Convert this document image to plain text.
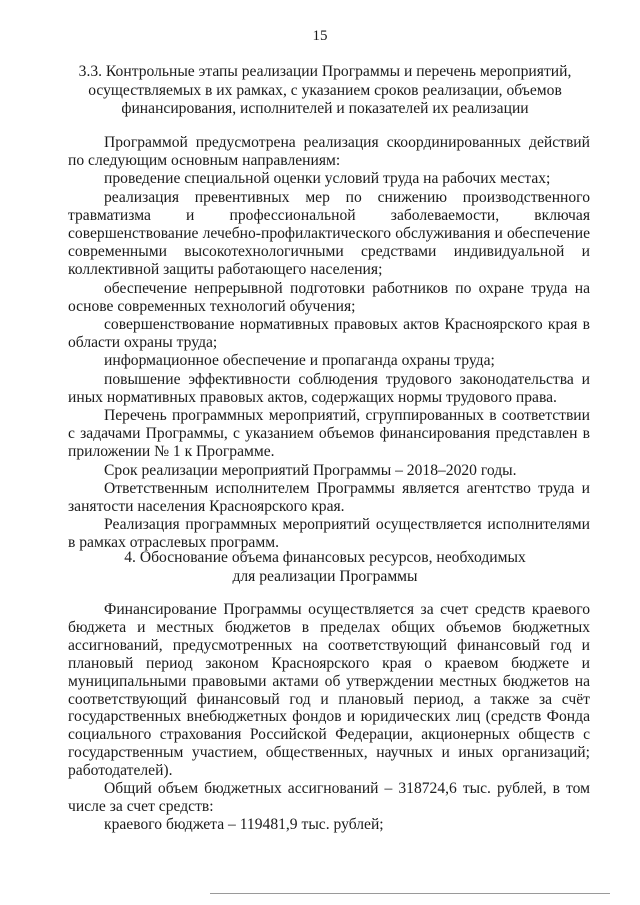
15
3.3. Контрольные этапы реализации Программы и перечень мероприятий,
осуществляемых в их рамках, с указанием сроков реализации, объемов
финансирования, исполнителей и показателей их реализации

Программой предусмотрена реализация скоординированных действий по следующим основным направлениям:

проведение специальной оценки условий труда на рабочих местах;

реализация превентивных мер по снижению производственного травматизма и профессиональной заболеваемости, включая совершенствование лечебно-профилактического обслуживания и обеспечение современными высокотехнологичными средствами индивидуальной и коллективной защиты работающего населения;

обеспечение непрерывной подготовки работников по охране труда на основе современных технологий обучения;

совершенствование нормативных правовых актов Красноярского края в области охраны труда;

информационное обеспечение и пропаганда охраны труда;

повышение эффективности соблюдения трудового законодательства и иных нормативных правовых актов, содержащих нормы трудового права.

Перечень программных мероприятий, сгруппированных в соответствии с задачами Программы, с указанием объемов финансирования представлен в приложении № 1 к Программе.

Срок реализации мероприятий Программы – 2018–2020 годы.

Ответственным исполнителем Программы является агентство труда и занятости населения Красноярского края.

Реализация программных мероприятий осуществляется исполнителями в рамках отраслевых программ.

4. Обоснование объема финансовых ресурсов, необходимых
для реализации Программы

Финансирование Программы осуществляется за счет средств краевого бюджета и местных бюджетов в пределах общих объемов бюджетных ассигнований, предусмотренных на соответствующий финансовый год и плановый период законом Красноярского края о краевом бюджете и муниципальными правовыми актами об утверждении местных бюджетов на соответствующий финансовый год и плановый период, а также за счёт государственных внебюджетных фондов и юридических лиц (средств Фонда социального страхования Российской Федерации, акционерных обществ с государственным участием, общественных, научных и иных организаций; работодателей).

Общий объем бюджетных ассигнований – 318724,6 тыс. рублей, в том числе за счет средств:

краевого бюджета – 119481,9 тыс. рублей;
